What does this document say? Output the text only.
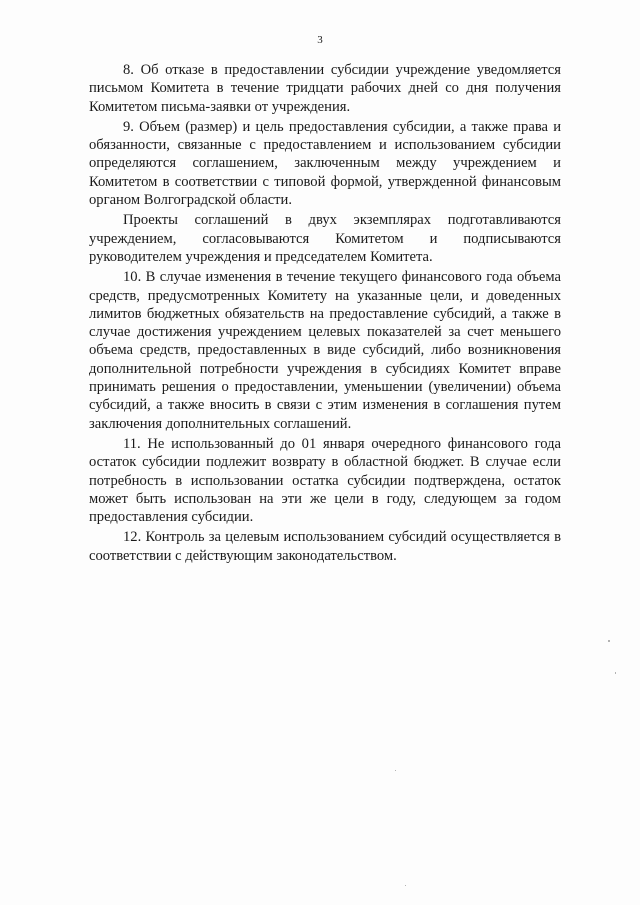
3

8. Об отказе в предоставлении субсидии учреждение уведомляется письмом Комитета в течение тридцати рабочих дней со дня получения Комитетом письма-заявки от учреждения.

9. Объем (размер) и цель предоставления субсидии, а также права и обязанности, связанные с предоставлением и использованием субсидии определяются соглашением, заключенным между учреждением и Комитетом в соответствии с типовой формой, утвержденной финансовым органом Волгоградской области.

Проекты соглашений в двух экземплярах подготавливаются учреждением, согласовываются Комитетом и подписываются руководителем учреждения и председателем Комитета.

10. В случае изменения в течение текущего финансового года объема средств, предусмотренных Комитету на указанные цели, и доведенных лимитов бюджетных обязательств на предоставление субсидий, а также в случае достижения учреждением целевых показателей за счет меньшего объема средств, предоставленных в виде субсидий, либо возникновения дополнительной потребности учреждения в субсидиях Комитет вправе принимать решения о предоставлении, уменьшении (увеличении) объема субсидий, а также вносить в связи с этим изменения в соглашения путем заключения дополнительных соглашений.

11. Не использованный до 01 января очередного финансового года остаток субсидии подлежит возврату в областной бюджет. В случае если потребность в использовании остатка субсидии подтверждена, остаток может быть использован на эти же цели в году, следующем за годом предоставления субсидии.

12. Контроль за целевым использованием субсидий осуществляется в соответствии с действующим законодательством.
